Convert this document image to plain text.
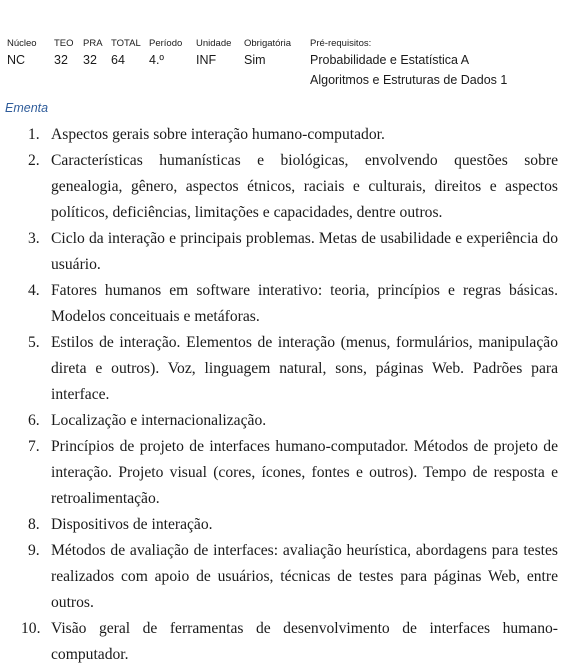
Núcleo
NC
TEO
32
PRA
32
TOTAL
64
Período
4.º
Unidade
INF
Obrigatória
Sim
Pré-requisitos:
Probabilidade e Estatística A
Algoritmos e Estruturas de Dados 1
Ementa
1. Aspectos gerais sobre interação humano-computador.
2. Características humanísticas e biológicas, envolvendo questões sobre genealogia, gênero, aspectos étnicos, raciais e culturais, direitos e aspectos políticos, deficiências, limitações e capacidades, dentre outros.
3. Ciclo da interação e principais problemas. Metas de usabilidade e experiência do usuário.
4. Fatores humanos em software interativo: teoria, princípios e regras básicas. Modelos conceituais e metáforas.
5. Estilos de interação. Elementos de interação (menus, formulários, manipulação direta e outros). Voz, linguagem natural, sons, páginas Web. Padrões para interface.
6. Localização e internacionalização.
7. Princípios de projeto de interfaces humano-computador. Métodos de projeto de interação. Projeto visual (cores, ícones, fontes e outros). Tempo de resposta e retroalimentação.
8. Dispositivos de interação.
9. Métodos de avaliação de interfaces: avaliação heurística, abordagens para testes realizados com apoio de usuários, técnicas de testes para páginas Web, entre outros.
10. Visão geral de ferramentas de desenvolvimento de interfaces humano-computador.
